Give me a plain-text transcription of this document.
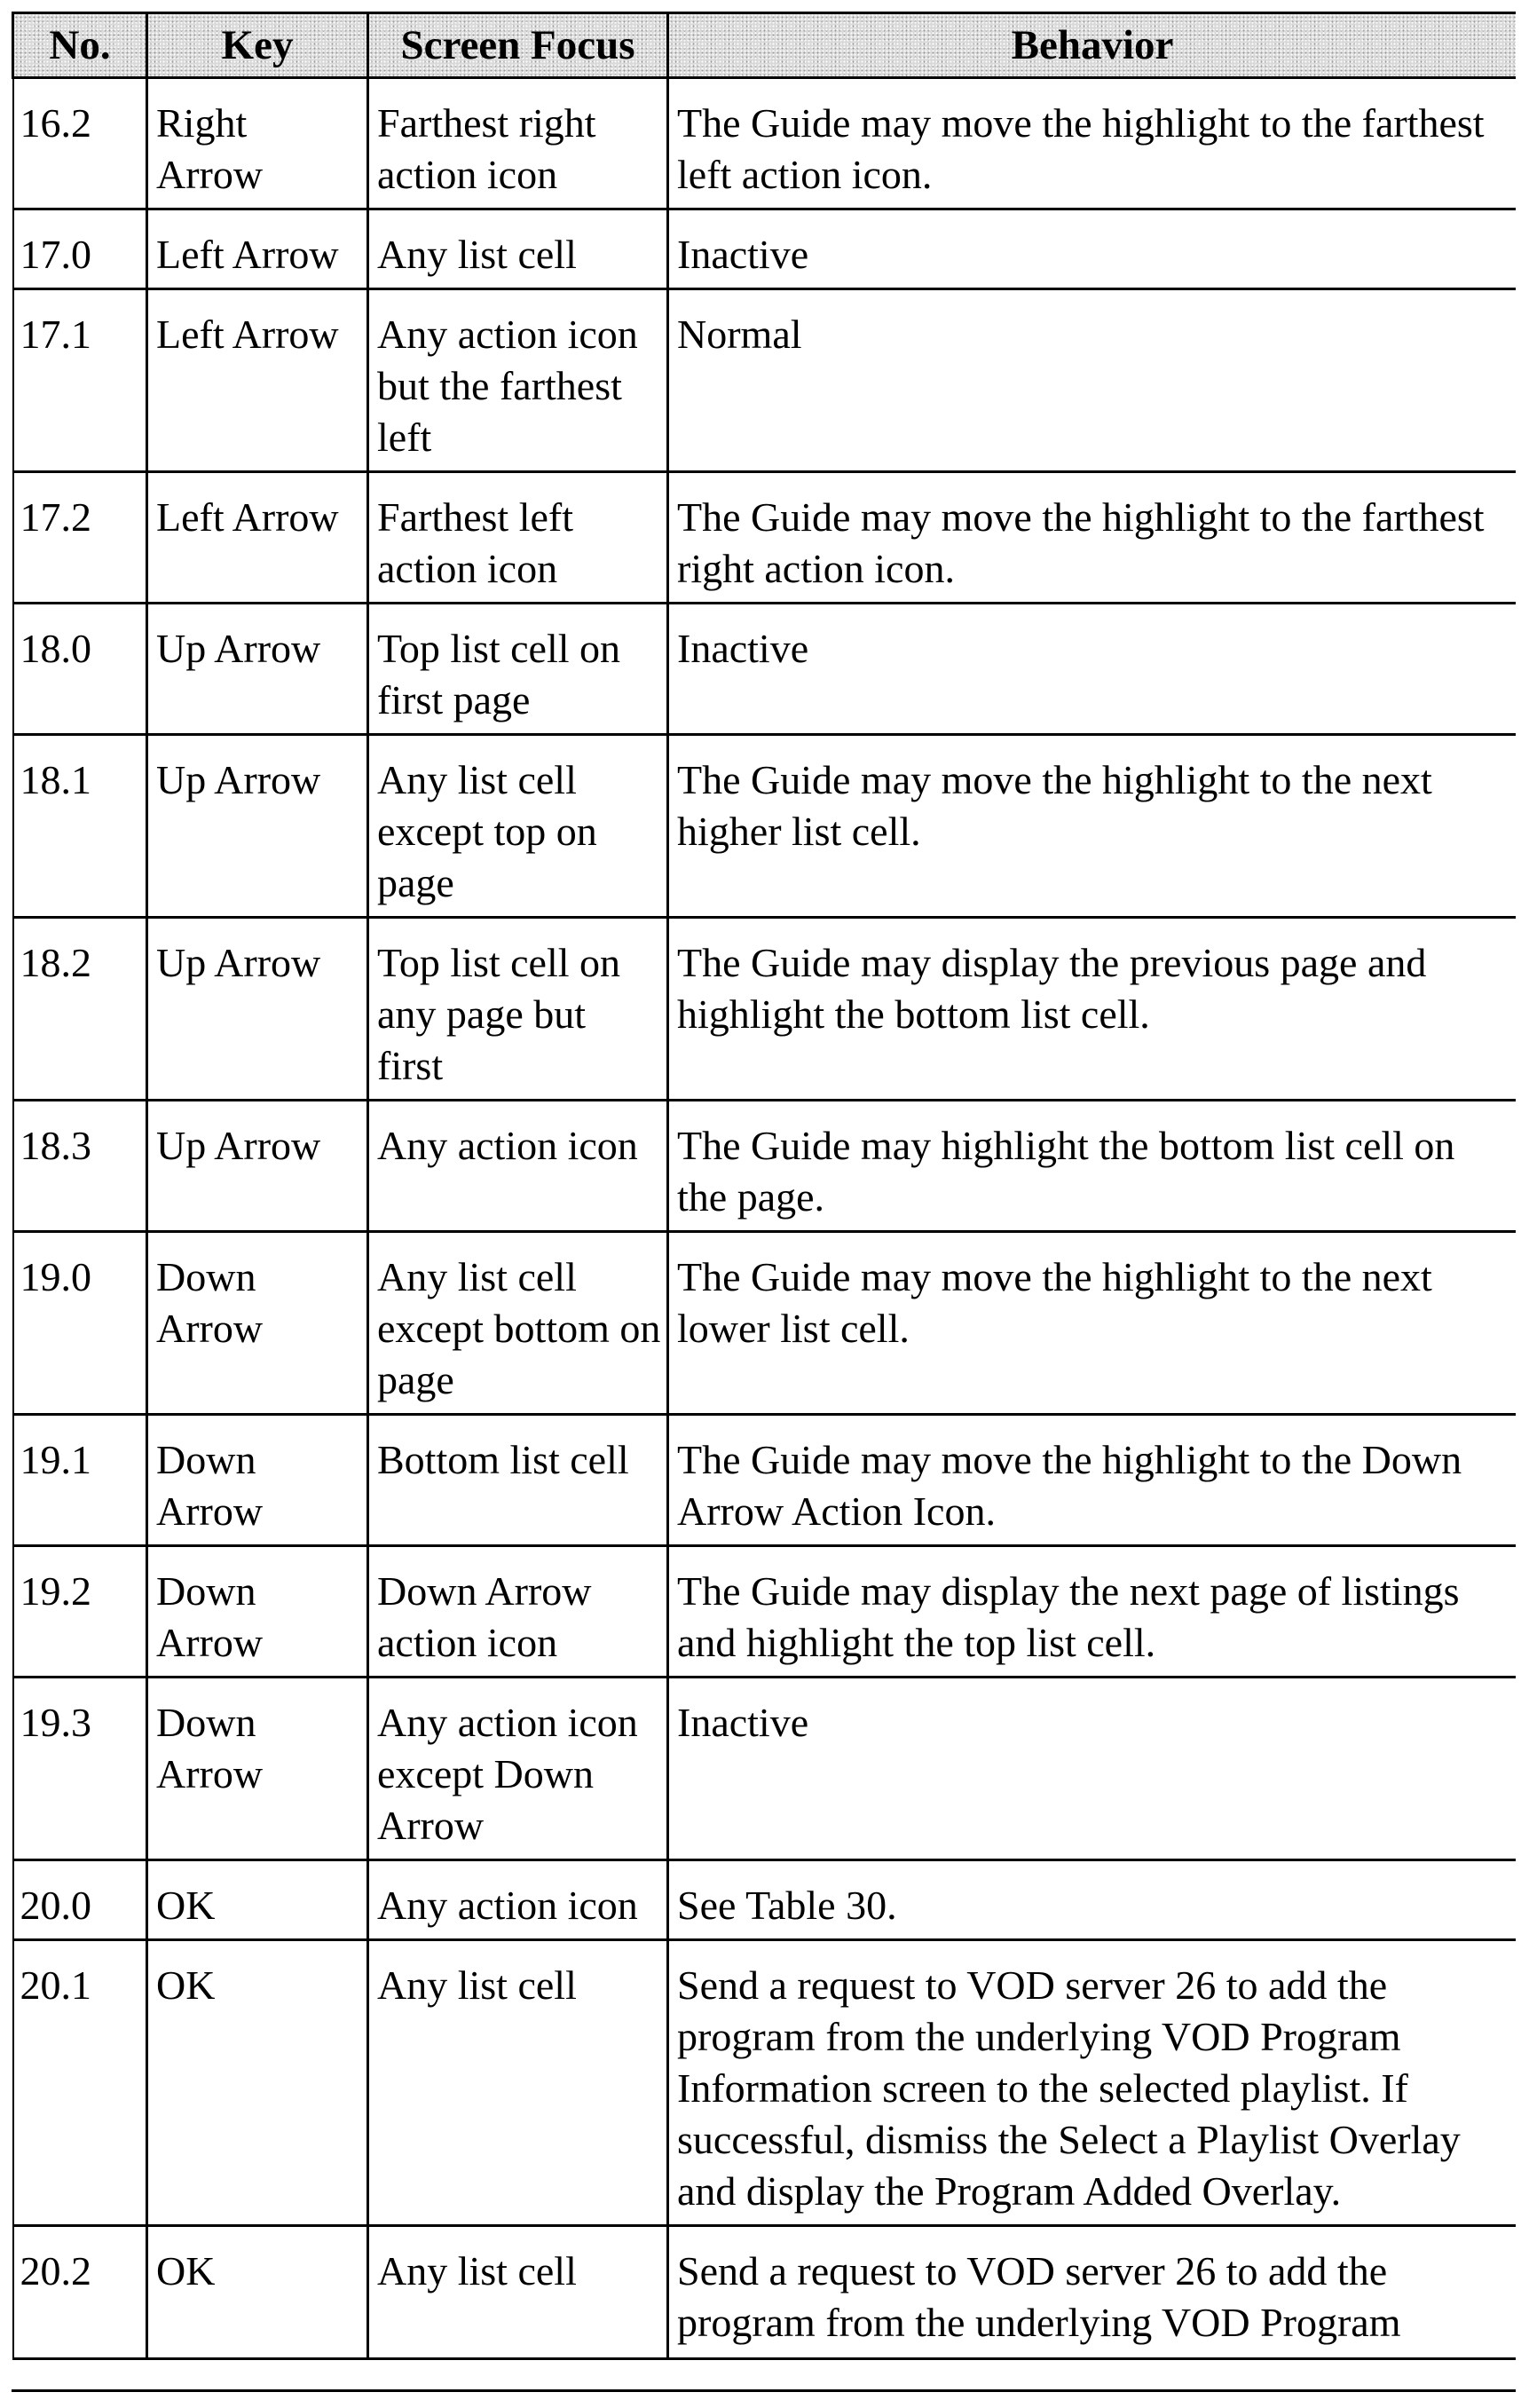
No.	Key	Screen Focus	Behavior
16.2	Right Arrow	Farthest right action icon	The Guide may move the highlight to the farthest left action icon.
17.0	Left Arrow	Any list cell	Inactive
17.1	Left Arrow	Any action icon but the farthest left	Normal
17.2	Left Arrow	Farthest left action icon	The Guide may move the highlight to the farthest right action icon.
18.0	Up Arrow	Top list cell on first page	Inactive
18.1	Up Arrow	Any list cell except top on page	The Guide may move the highlight to the next higher list cell.
18.2	Up Arrow	Top list cell on any page but first	The Guide may display the previous page and highlight the bottom list cell.
18.3	Up Arrow	Any action icon	The Guide may highlight the bottom list cell on the page.
19.0	Down Arrow	Any list cell except bottom on page	The Guide may move the highlight to the next lower list cell.
19.1	Down Arrow	Bottom list cell	The Guide may move the highlight to the Down Arrow Action Icon.
19.2	Down Arrow	Down Arrow action icon	The Guide may display the next page of listings and highlight the top list cell.
19.3	Down Arrow	Any action icon except Down Arrow	Inactive
20.0	OK	Any action icon	See Table 30.
20.1	OK	Any list cell	Send a request to VOD server 26 to add the program from the underlying VOD Program Information screen to the selected playlist. If successful, dismiss the Select a Playlist Overlay and display the Program Added Overlay.
20.2	OK	Any list cell	Send a request to VOD server 26 to add the program from the underlying VOD Program
